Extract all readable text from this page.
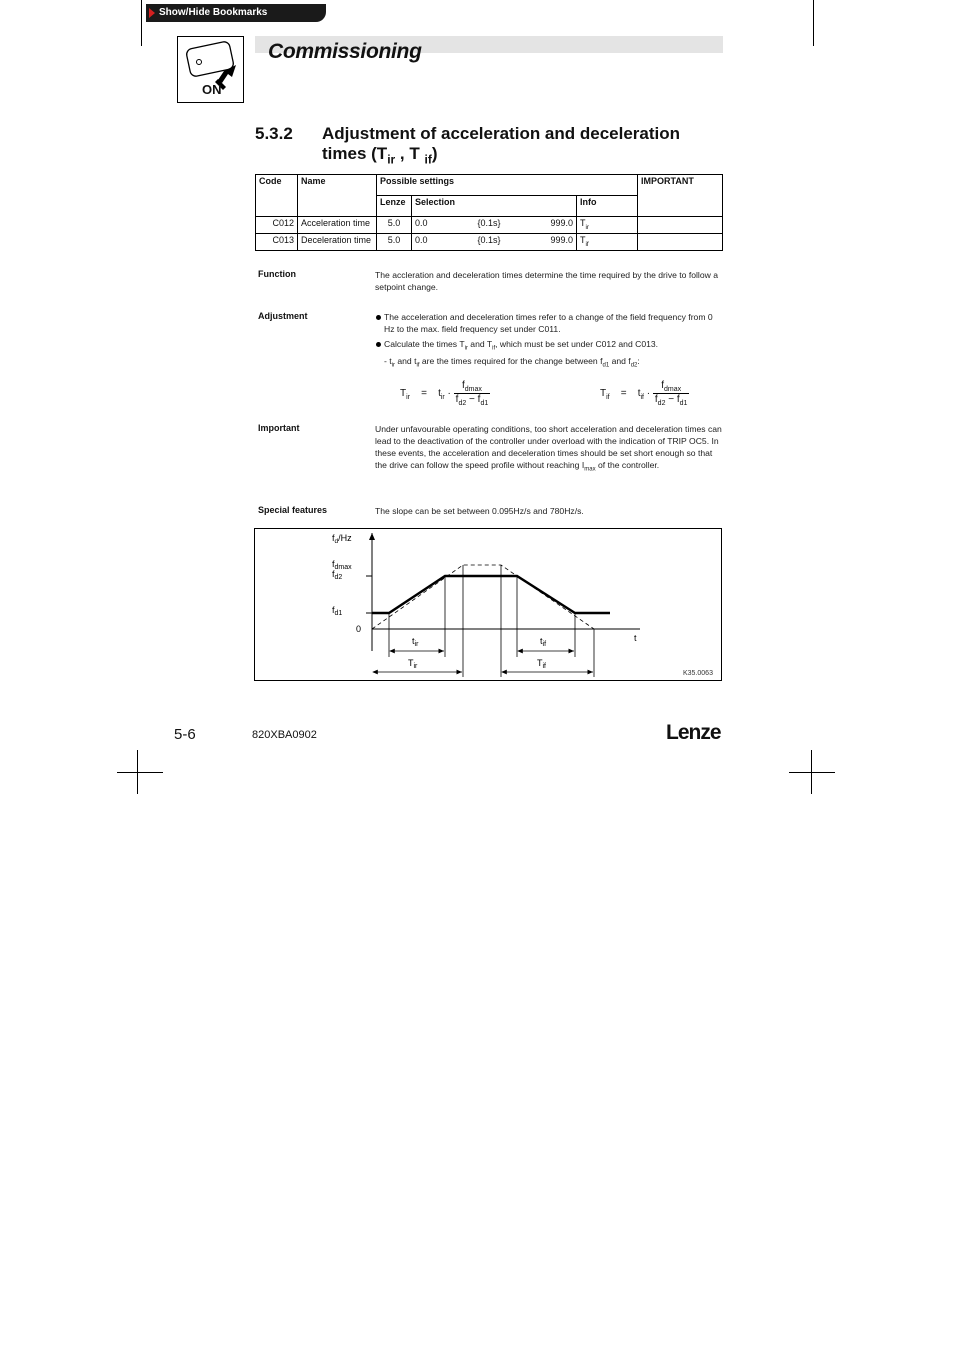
Show/Hide Bookmarks
ON
Commissioning
5.3.2 Adjustment of acceleration and deceleration
times ($T_{ir}$ , T $_{if}$)
Code	Name	Possible settings			IMPORTANT
		Lenze	Selection	Info	
C012	Acceleration time	5.0	0.0 {0.1s} 999.0	$T_{ir}$	
C013	Deceleration time	5.0	0.0 {0.1s} 999.0	$T_{if}$	
Function	The accleration and deceleration times determine the time required by the drive to follow a setpoint change.
Adjustment	The acceleration and deceleration times refer to a change of the field frequency from 0 Hz to the max. field frequency set under C011.
Calculate the times $T_{ir}$ and $T_{if}$, which must be set under C012 and C013.
- $t_{ir}$ and $t_{if}$ are the times required for the change between $f_{d1}$ and $f_{d2}$:
$T_{ir} = t_{ir}$ ·
$f_{dmax}$
$f_{d2} - f_{d1}$
$T_{if} = t_{if}$ ·
$f_{dmax}$
$f_{d2} - f_{d1}$
Important	Under unfavourable operating conditions, too short acceleration and deceleration times can lead to the deactivation of the controller under overload with the indication of TRIP OC5. In these events, the acceleration and deceleration times should be set short enough so that the drive can follow the speed profile without reaching $I_{max}$ of the controller.
Special features	The slope can be set between 0.095Hz/s and 780Hz/s.
$f_d/Hz$
$f_{dmax}$
$f_{d2}$
$f_{d1}$
0
t
$t_{ir}$	$t_{if}$
$T_{ir}$	$T_{if}$
K35.0063
5-6	820XBA0902	Lenze
